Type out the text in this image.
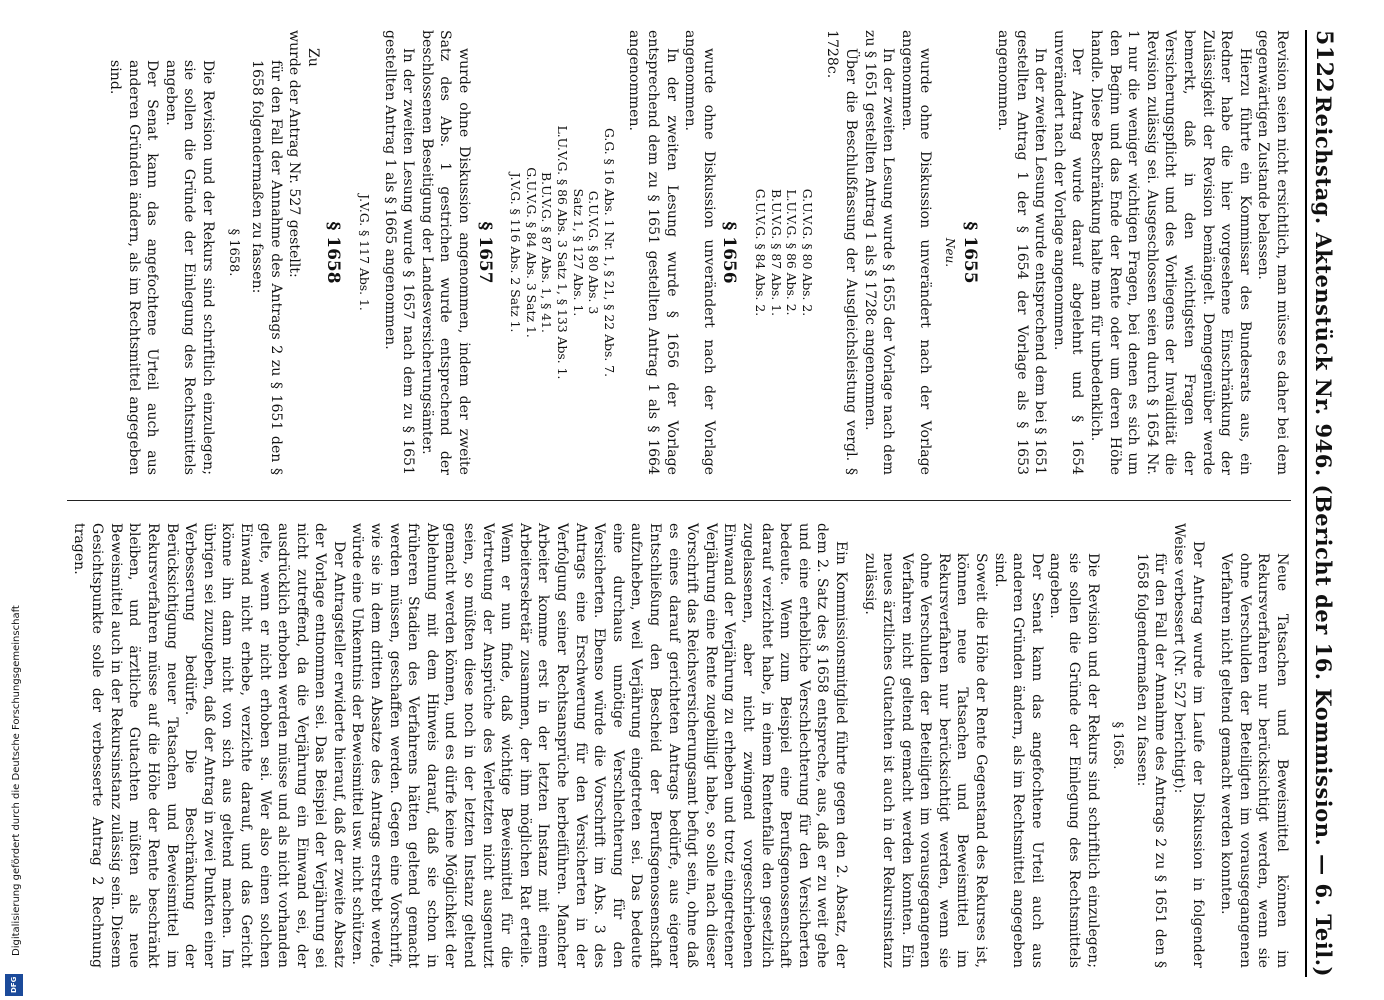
5122
Reichstag. Aktenstück Nr. 946. (Bericht der 16. Kommission. — 6. Teil.)

Revision seien nicht ersichtlich, man müsse es daher bei dem gegenwärtigen Zustande belassen.

Hierzu führte ein Kommissar des Bundesrats aus, ein Redner habe die hier vorgesehene Einschränkung der Zulässigkeit der Revision bemängelt. Demgegenüber werde bemerkt, daß in den wichtigsten Fragen der Versicherungspflicht und des Vorliegens der Invalidität die Revision zulässig sei. Ausgeschlossen seien durch § 1654 Nr. 1 nur die weniger wichtigen Fragen, bei denen es sich um den Beginn und das Ende der Rente oder um deren Höhe handle. Diese Beschränkung halte man für unbedenklich.

Der Antrag wurde darauf abgelehnt und § 1654 unverändert nach der Vorlage angenommen.

In der zweiten Lesung wurde entsprechend dem bei § 1651 gestellten Antrag 1 der § 1654 der Vorlage als § 1653 angenommen.

§ 1655
Neu.

wurde ohne Diskussion unverändert nach der Vorlage angenommen.

In der zweiten Lesung wurde § 1655 der Vorlage nach dem zu § 1651 gestellten Antrag 1 als § 1728c angenommen.

Über die Beschlußfassung der Ausgleichsleistung vergl. § 1728c.

G.U.V.G. § 80 Abs. 2.
L.U.V.G. § 86 Abs. 2.
B.U.V.G. § 87 Abs. 1.
G.U.V.G. § 84 Abs. 2.
§ 1656

wurde ohne Diskussion unverändert nach der Vorlage angenommen.

In der zweiten Lesung wurde § 1656 der Vorlage entsprechend dem zu § 1651 gestellten Antrag 1 als § 1664 angenommen.

G.G. § 16 Abs. 1 Nr. 1, § 21, § 22 Abs. 7.
G.U.V.G. § 80 Abs. 3
Satz 1, § 127 Abs. 1.
L.U.V.G. § 86 Abs. 3 Satz 1, § 133 Abs. 1.
B.U.V.G. § 87 Abs. 1, § 41.
G.U.V.G. § 84 Abs. 3 Satz 1.
J.V.G. § 116 Abs. 2 Satz 1.
§ 1657

wurde ohne Diskussion angenommen, indem der zweite Satz des Abs. 1 gestrichen wurde entsprechend der beschlossenen Beseitigung der Landesversicherungsämter.

In der zweiten Lesung wurde § 1657 nach dem zu § 1651 gestellten Antrag 1 als § 1665 angenommen.

J.V.G. § 117 Abs. 1.
§ 1658

Zu

wurde der Antrag Nr. 527 gestellt:

für den Fall der Annahme des Antrags 2 zu § 1651 den § 1658 folgendermaßen zu fassen:

§ 1658.

Die Revision und der Rekurs sind schriftlich einzulegen; sie sollen die Gründe der Einlegung des Rechtsmittels angeben.

Der Senat kann das angefochtene Urteil auch aus anderen Gründen ändern, als im Rechtsmittel angegeben sind.

Neue Tatsachen und Beweismittel können im Rekursverfahren nur berücksichtigt werden, wenn sie ohne Verschulden der Beteiligten im vorausgegangenen Verfahren nicht geltend gemacht werden konnten.

Der Antrag wurde im Laufe der Diskussion in folgender Weise verbessert (Nr. 527 berichtigt):

für den Fall der Annahme des Antrags 2 zu § 1651 den § 1658 folgendermaßen zu fassen:

§ 1658.

Die Revision und der Rekurs sind schriftlich einzulegen; sie sollen die Gründe der Einlegung des Rechtsmittels angeben.

Der Senat kann das angefochtene Urteil auch aus anderen Gründen ändern, als im Rechtsmittel angegeben sind.

Soweit die Höhe der Rente Gegenstand des Rekurses ist, können neue Tatsachen und Beweismittel im Rekursverfahren nur berücksichtigt werden, wenn sie ohne Verschulden der Beteiligten im vorausgegangenen Verfahren nicht geltend gemacht werden konnten. Ein neues ärztliches Gutachten ist auch in der Rekursinstanz zulässig.

Ein Kommissionsmitglied führte gegen den 2. Absatz, der dem 2. Satz des § 1658 entspreche, aus, daß er zu weit gehe und eine erhebliche Verschlechterung für den Versicherten bedeute. Wenn zum Beispiel eine Berufsgenossenschaft darauf verzichtet habe, in einem Rentenfalle den gesetzlich zugelassenen, aber nicht zwingend vorgeschriebenen Einwand der Verjährung zu erheben und trotz eingetretener Verjährung eine Rente zugebilligt habe, so solle nach dieser Vorschrift das Reichsversicherungsamt befugt sein, ohne daß es eines darauf gerichteten Antrags bedürfe, aus eigener Entschließung den Bescheid der Berufsgenossenschaft aufzuheben, weil Verjährung eingetreten sei. Das bedeute eine durchaus unnötige Verschlechterung für den Versicherten. Ebenso würde die Vorschrift im Abs. 3 des Antrags eine Erschwerung für den Versicherten in der Verfolgung seiner Rechtsansprüche herbeiführen. Mancher Arbeiter komme erst in der letzten Instanz mit einem Arbeitersekretär zusammen, der ihm möglichen Rat erteile. Wenn er nun finde, daß wichtige Beweismittel für die Vertretung der Ansprüche des Verletzten nicht ausgenutzt seien, so müßten diese noch in der letzten Instanz geltend gemacht werden können, und es dürfe keine Möglichkeit der Ablehnung mit dem Hinweis darauf, daß sie schon in früheren Stadien des Verfahrens hätten geltend gemacht werden müssen, geschaffen werden. Gegen eine Vorschrift, wie sie in dem dritten Absatze des Antrags erstrebt werde, würde eine Unkenntnis der Beweismittel usw. nicht schützen.

Der Antragsteller erwiderte hierauf, daß der zweite Absatz der Vorlage entnommen sei. Das Beispiel der Verjährung sei nicht zutreffend, da die Verjährung ein Einwand sei, der ausdrücklich erhoben werden müsse und als nicht vorhanden gelte, wenn er nicht erhoben sei. Wer also einen solchen Einwand nicht erhebe, verzichte darauf, und das Gericht könne ihn dann nicht von sich aus geltend machen. Im übrigen sei zuzugeben, daß der Antrag in zwei Punkten einer Verbesserung bedürfe. Die Beschränkung der Berücksichtigung neuer Tatsachen und Beweismittel im Rekursverfahren müsse auf die Höhe der Rente beschränkt bleiben, und ärztliche Gutachten müßten als neue Beweismittel auch in der Rekursinstanz zulässig sein. Diesem Gesichtspunkte solle der verbesserte Antrag 2 Rechnung tragen.

Digitalisierung gefördert durch die Deutsche Forschungsgemeinschaft
DFG
